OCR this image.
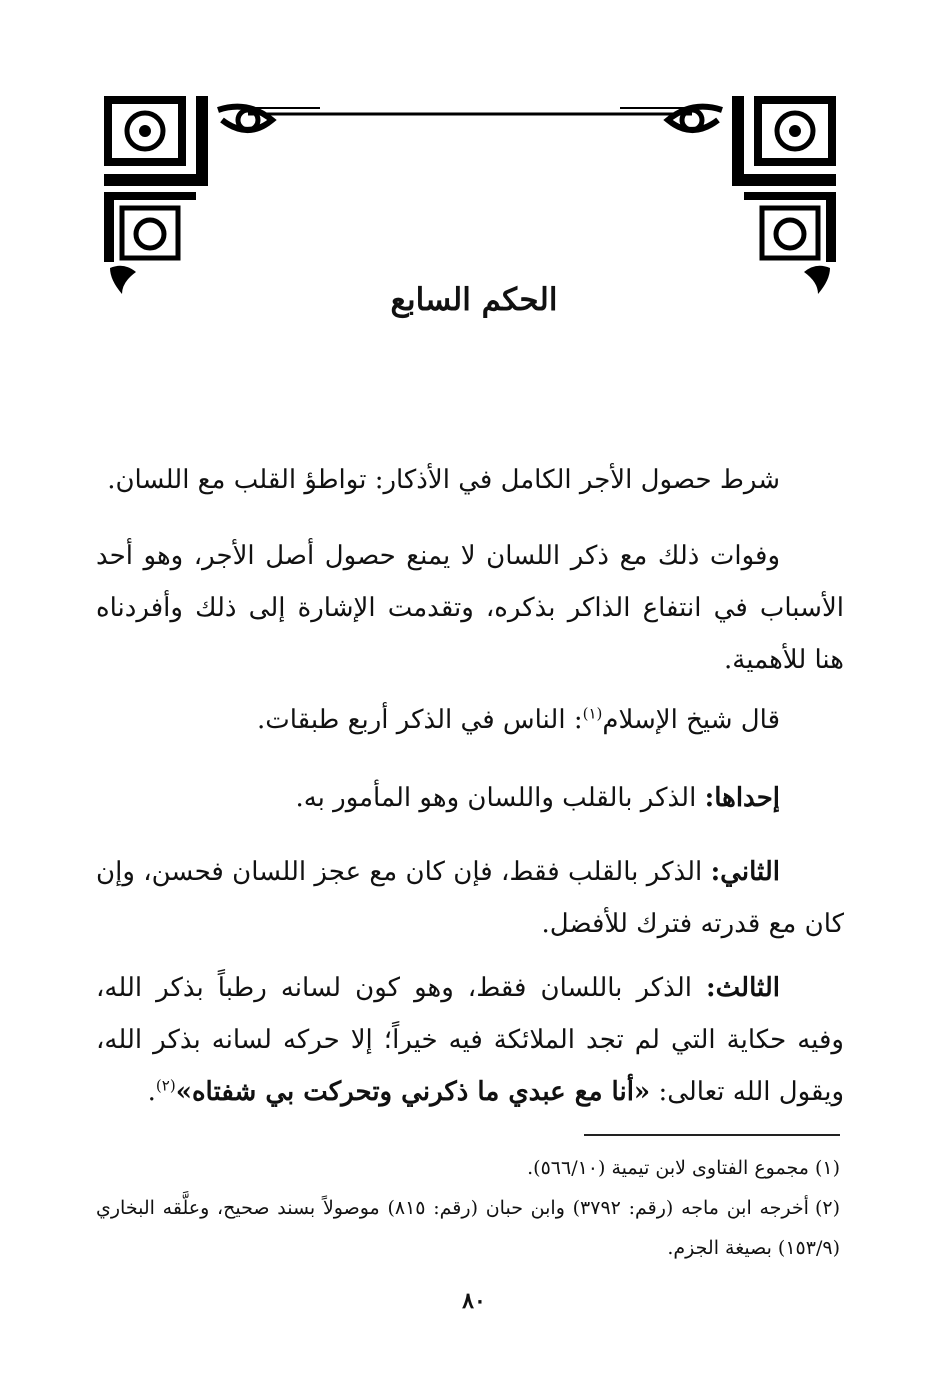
الحكم السابع

شرط حصول الأجر الكامل في الأذكار: تواطؤ القلب مع اللسان.

وفوات ذلك مع ذكر اللسان لا يمنع حصول أصل الأجر، وهو أحد الأسباب في انتفاع الذاكر بذكره، وتقدمت الإشارة إلى ذلك وأفردناه هنا للأهمية.

قال شيخ الإسلام$^{(١)}$: الناس في الذكر أربع طبقات.

إحداها: الذكر بالقلب واللسان وهو المأمور به.

الثاني: الذكر بالقلب فقط، فإن كان مع عجز اللسان فحسن، وإن كان مع قدرته فترك للأفضل.

الثالث: الذكر باللسان فقط، وهو كون لسانه رطباً بذكر الله، وفيه حكاية التي لم تجد الملائكة فيه خيراً؛ إلا حركه لسانه بذكر الله، ويقول الله تعالى: «أنا مع عبدي ما ذكرني وتحركت بي شفتاه»$^{(٢)}$.

(١)مجموع الفتاوى لابن تيمية (٥٦٦/١٠).

(٢)أخرجه ابن ماجه (رقم: ٣٧٩٢) وابن حبان (رقم: ٨١٥) موصولاً بسند صحيح، وعلَّقه البخاري (١٥٣/٩) بصيغة الجزم.

٨٠
